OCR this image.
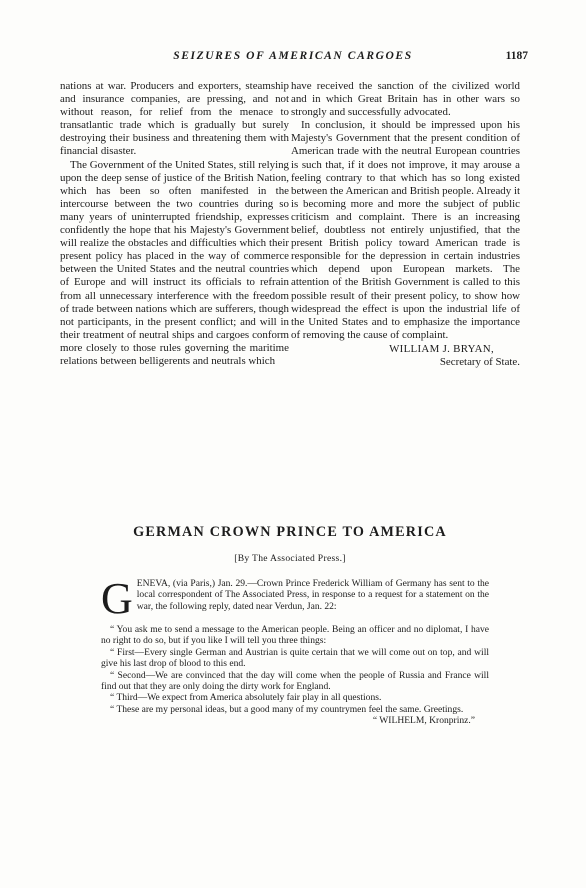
SEIZURES OF AMERICAN CARGOES	1187

nations at war. Producers and exporters, steamship and insurance companies, are pressing, and not without reason, for relief from the menace to transatlantic trade which is gradually but surely destroying their business and threatening them with financial disaster.

The Government of the United States, still relying upon the deep sense of justice of the British Nation, which has been so often manifested in the intercourse between the two countries during so many years of uninterrupted friendship, expresses confidently the hope that his Majesty's Government will realize the obstacles and difficulties which their present policy has placed in the way of commerce between the United States and the neutral countries of Europe and will instruct its officials to refrain from all unnecessary interference with the freedom of trade between nations which are sufferers, though not participants, in the present conflict; and will in their treatment of neutral ships and cargoes conform more closely to those rules governing the maritime relations between belligerents and neutrals which

have received the sanction of the civilized world and in which Great Britain has in other wars so strongly and successfully advocated.

In conclusion, it should be impressed upon his Majesty's Government that the present condition of American trade with the neutral European countries is such that, if it does not improve, it may arouse a feeling contrary to that which has so long existed between the American and British people. Already it is becoming more and more the subject of public criticism and complaint. There is an increasing belief, doubtless not entirely unjustified, that the present British policy toward American trade is responsible for the depression in certain industries which depend upon European markets. The attention of the British Government is called to this possible result of their present policy, to show how widespread the effect is upon the industrial life of the United States and to emphasize the importance of removing the cause of complaint.

WILLIAM J. BRYAN,
Secretary of State.
GERMAN CROWN PRINCE TO AMERICA
[By The Associated Press.]
G ENEVA, (via Paris,) Jan. 29.—Crown Prince Frederick William of Germany has sent to the local correspondent of The Associated Press, in response to a request for a statement on the war, the following reply, dated near Verdun, Jan. 22:

“ You ask me to send a message to the American people. Being an officer and no diplomat, I have no right to do so, but if you like I will tell you three things:

“ First—Every single German and Austrian is quite certain that we will come out on top, and will give his last drop of blood to this end.

“ Second—We are convinced that the day will come when the people of Russia and France will find out that they are only doing the dirty work for England.

“ Third—We expect from America absolutely fair play in all questions.

“ These are my personal ideas, but a good many of my countrymen feel the same. Greetings.

“ WILHELM, Kronprinz.”
